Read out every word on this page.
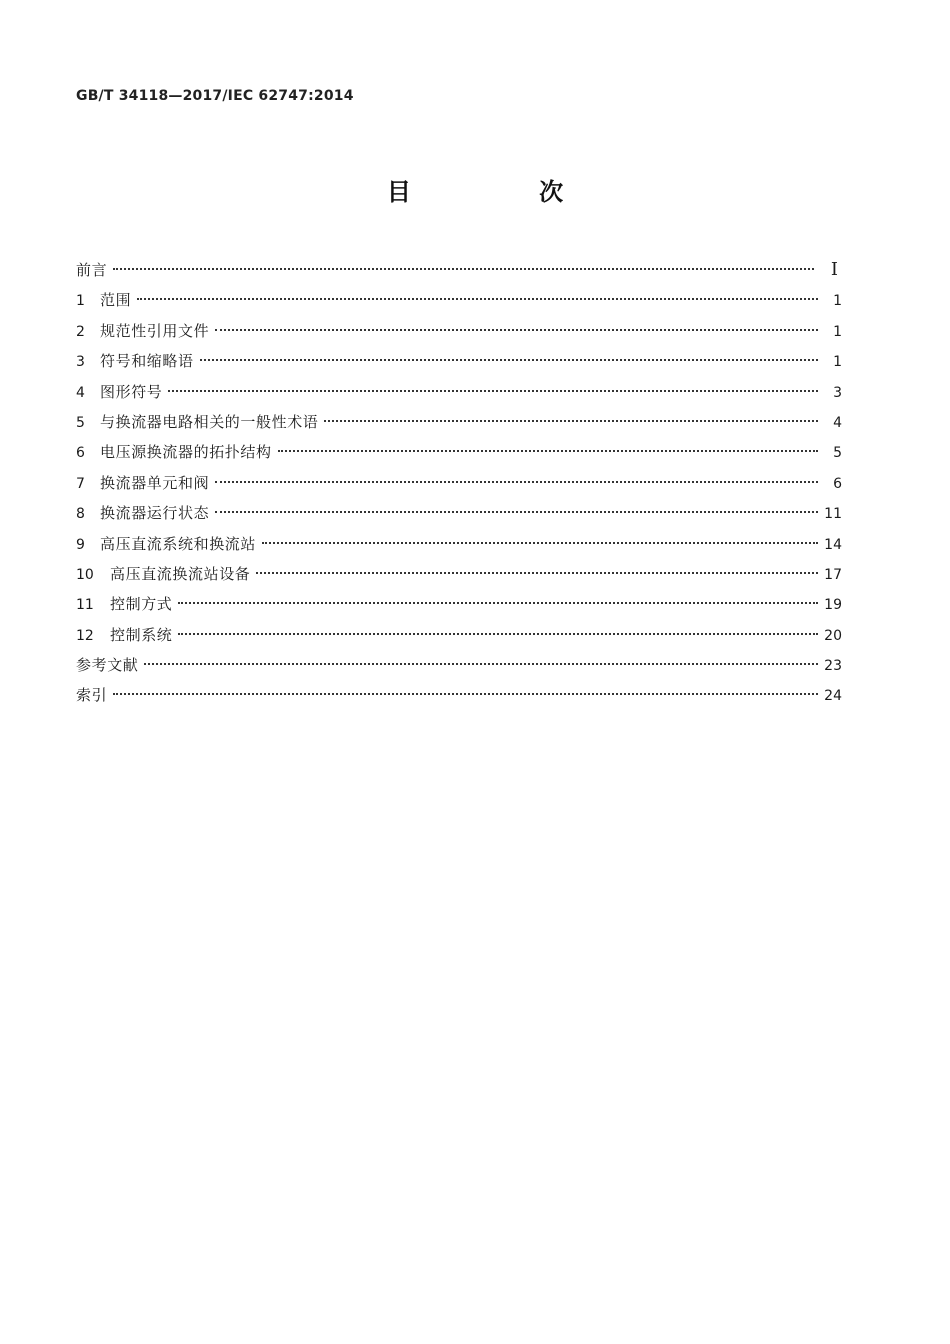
GB/T 34118—2017/IEC 62747:2014
目 次
前言	I
1	范围	1
2	规范性引用文件	1
3	符号和缩略语	1
4	图形符号	3
5	与换流器电路相关的一般性术语	4
6	电压源换流器的拓扑结构	5
7	换流器单元和阀	6
8	换流器运行状态	11
9	高压直流系统和换流站	14
10	高压直流换流站设备	17
11	控制方式	19
12	控制系统	20
参考文献	23
索引	24
